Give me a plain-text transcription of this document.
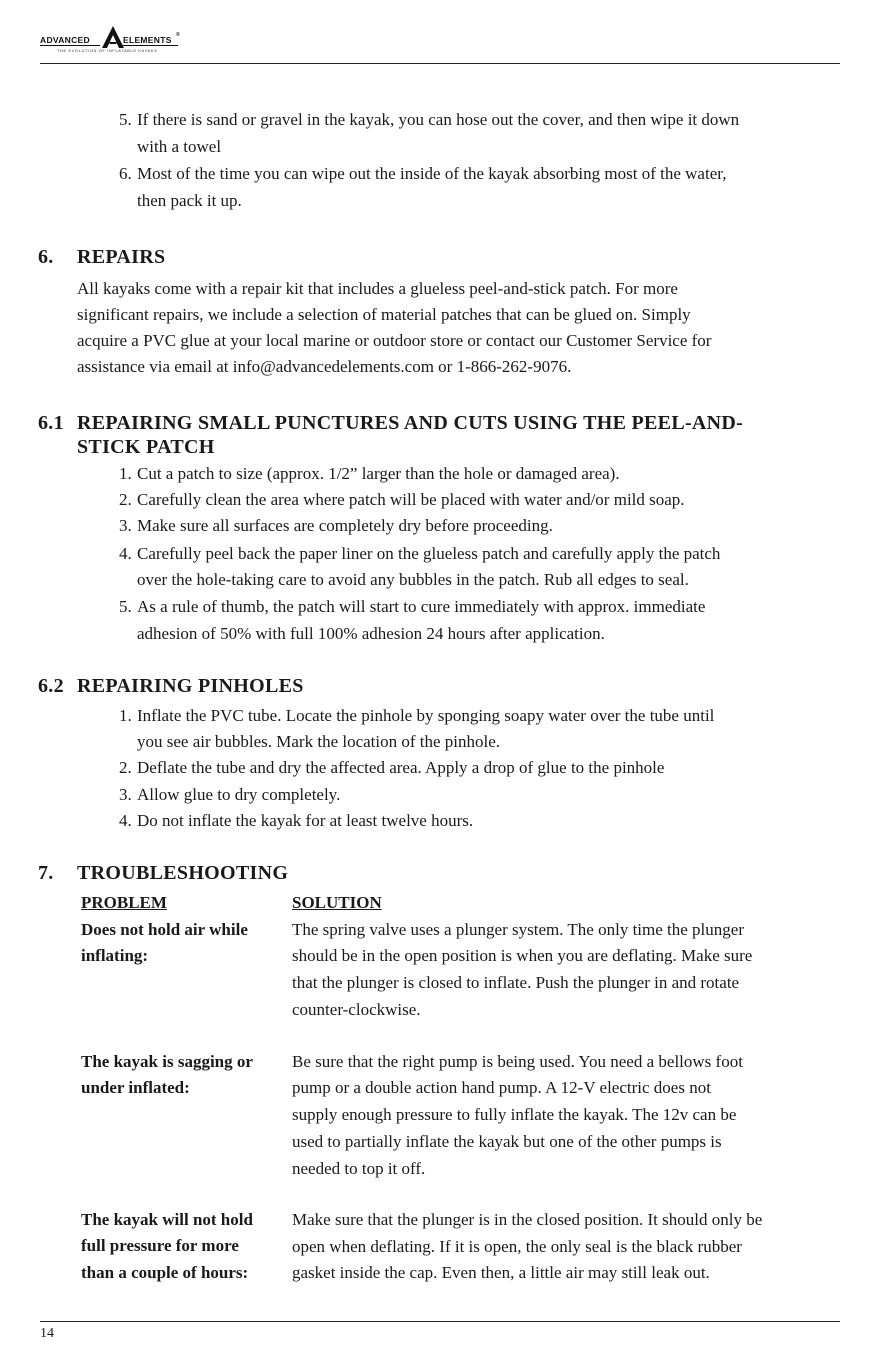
ADVANCED	ELEMENTS ®
THE EVOLUTION OF INFLATABLE KAYAKS
5. If there is sand or gravel in the kayak, you can hose out the cover, and then wipe it down
with a towel
6. Most of the time you can wipe out the inside of the kayak absorbing most of the water,
then pack it up.
6. REPAIRS
All kayaks come with a repair kit that includes a glueless peel-and-stick patch. For more
significant repairs, we include a selection of material patches that can be glued on. Simply
acquire a PVC glue at your local marine or outdoor store or contact our Customer Service for
assistance via email at info@advancedelements.com or 1-866-262-9076.
6.1 REPAIRING SMALL PUNCTURES AND CUTS USING THE PEEL-AND-
STICK PATCH
1. Cut a patch to size (approx. 1/2” larger than the hole or damaged area).
2. Carefully clean the area where patch will be placed with water and/or mild soap.
3. Make sure all surfaces are completely dry before proceeding.
4. Carefully peel back the paper liner on the glueless patch and carefully apply the patch
over the hole-taking care to avoid any bubbles in the patch. Rub all edges to seal.
5. As a rule of thumb, the patch will start to cure immediately with approx. immediate
adhesion of 50% with full 100% adhesion 24 hours after application.
6.2 REPAIRING PINHOLES
1. Inflate the PVC tube. Locate the pinhole by sponging soapy water over the tube until
you see air bubbles. Mark the location of the pinhole.
2. Deflate the tube and dry the affected area. Apply a drop of glue to the pinhole
3. Allow glue to dry completely.
4. Do not inflate the kayak for at least twelve hours.
7. TROUBLESHOOTING
PROBLEM	SOLUTION
Does not hold air while
inflating:
The spring valve uses a plunger system. The only time the plunger
should be in the open position is when you are deflating. Make sure
that the plunger is closed to inflate. Push the plunger in and rotate
counter-clockwise.
The kayak is sagging or
under inflated:
Be sure that the right pump is being used. You need a bellows foot
pump or a double action hand pump. A 12-V electric does not
supply enough pressure to fully inflate the kayak. The 12v can be
used to partially inflate the kayak but one of the other pumps is
needed to top it off.
The kayak will not hold
full pressure for more
than a couple of hours:
Make sure that the plunger is in the closed position. It should only be
open when deflating. If it is open, the only seal is the black rubber
gasket inside the cap. Even then, a little air may still leak out.
14
